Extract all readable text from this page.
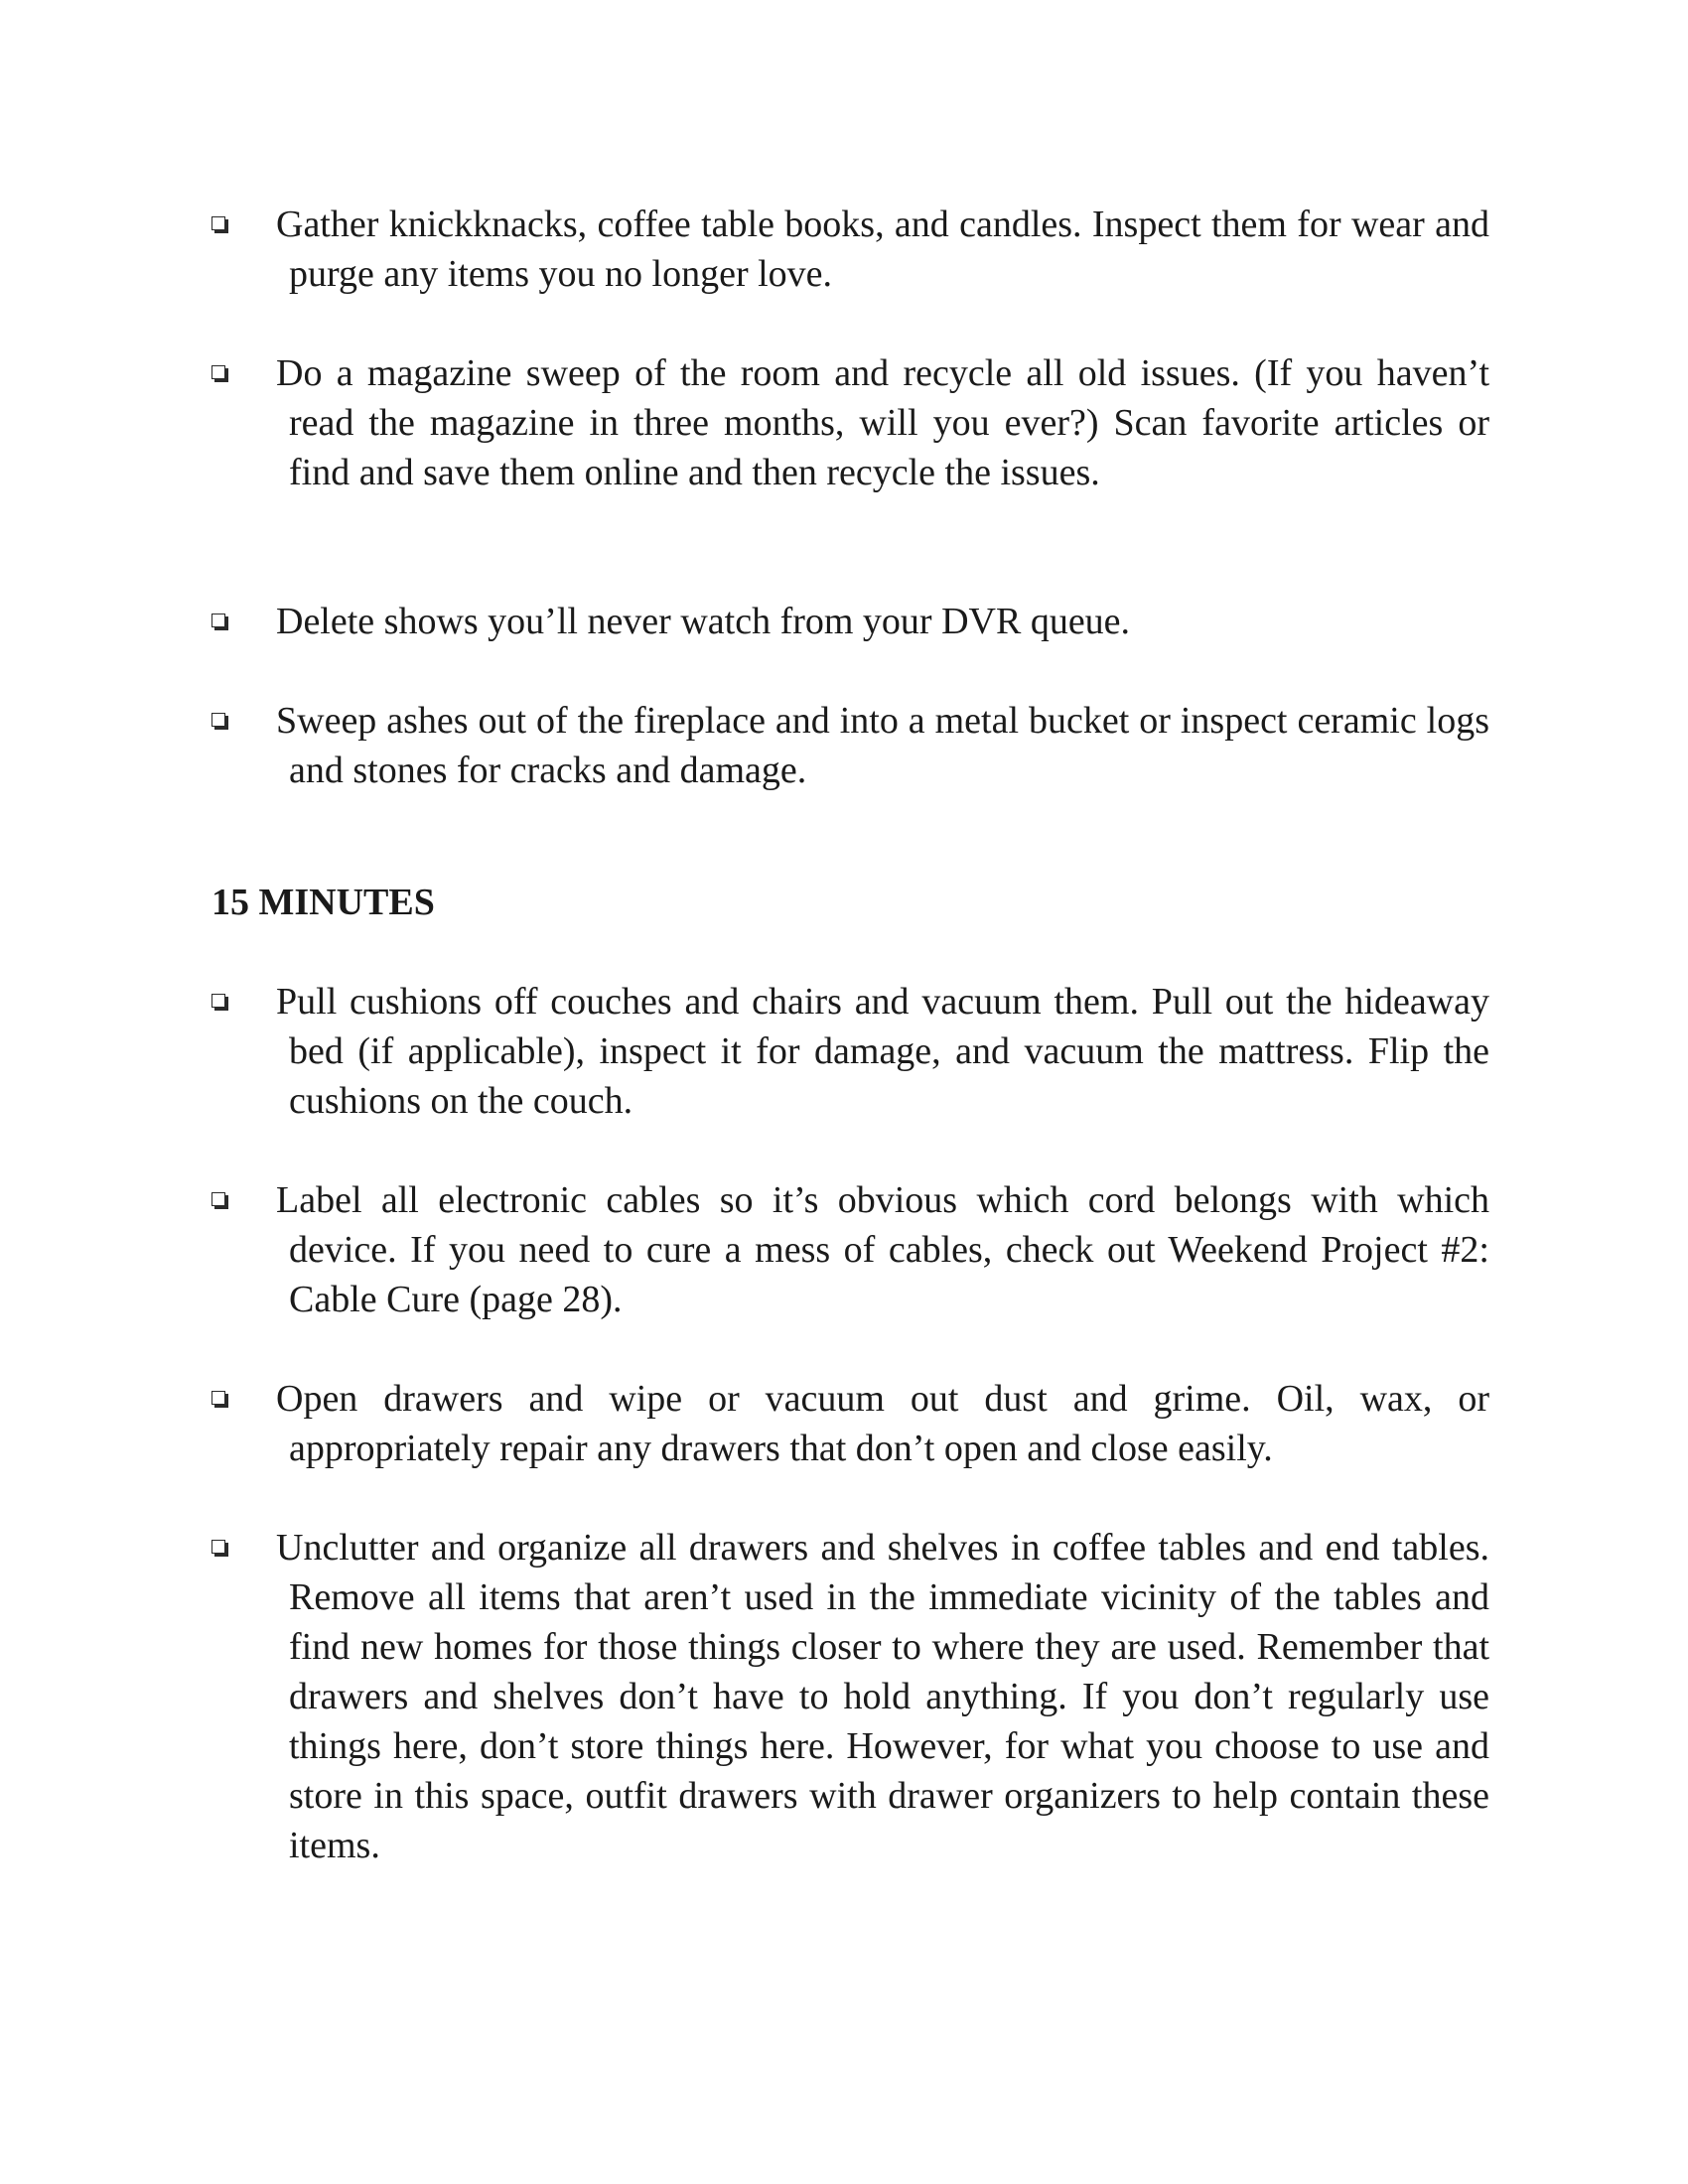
Gather knickknacks, coffee table books, and candles. Inspect them for wear and purge any items you no longer love.

Do a magazine sweep of the room and recycle all old issues. (If you haven’t read the magazine in three months, will you ever?) Scan favorite articles or find and save them online and then recycle the issues.

Delete shows you’ll never watch from your DVR queue.

Sweep ashes out of the fireplace and into a metal bucket or inspect ceramic logs and stones for cracks and damage.

15 MINUTES

Pull cushions off couches and chairs and vacuum them. Pull out the hideaway bed (if applicable), inspect it for damage, and vacuum the mattress. Flip the cushions on the couch.

Label all electronic cables so it’s obvious which cord belongs with which device. If you need to cure a mess of cables, check out Weekend Project #2: Cable Cure (page 28).

Open drawers and wipe or vacuum out dust and grime. Oil, wax, or appropriately repair any drawers that don’t open and close easily.

Unclutter and organize all drawers and shelves in coffee tables and end tables. Remove all items that aren’t used in the immediate vicinity of the tables and find new homes for those things closer to where they are used. Remember that drawers and shelves don’t have to hold anything. If you don’t regularly use things here, don’t store things here. However, for what you choose to use and store in this space, outfit drawers with drawer organizers to help contain these items.
